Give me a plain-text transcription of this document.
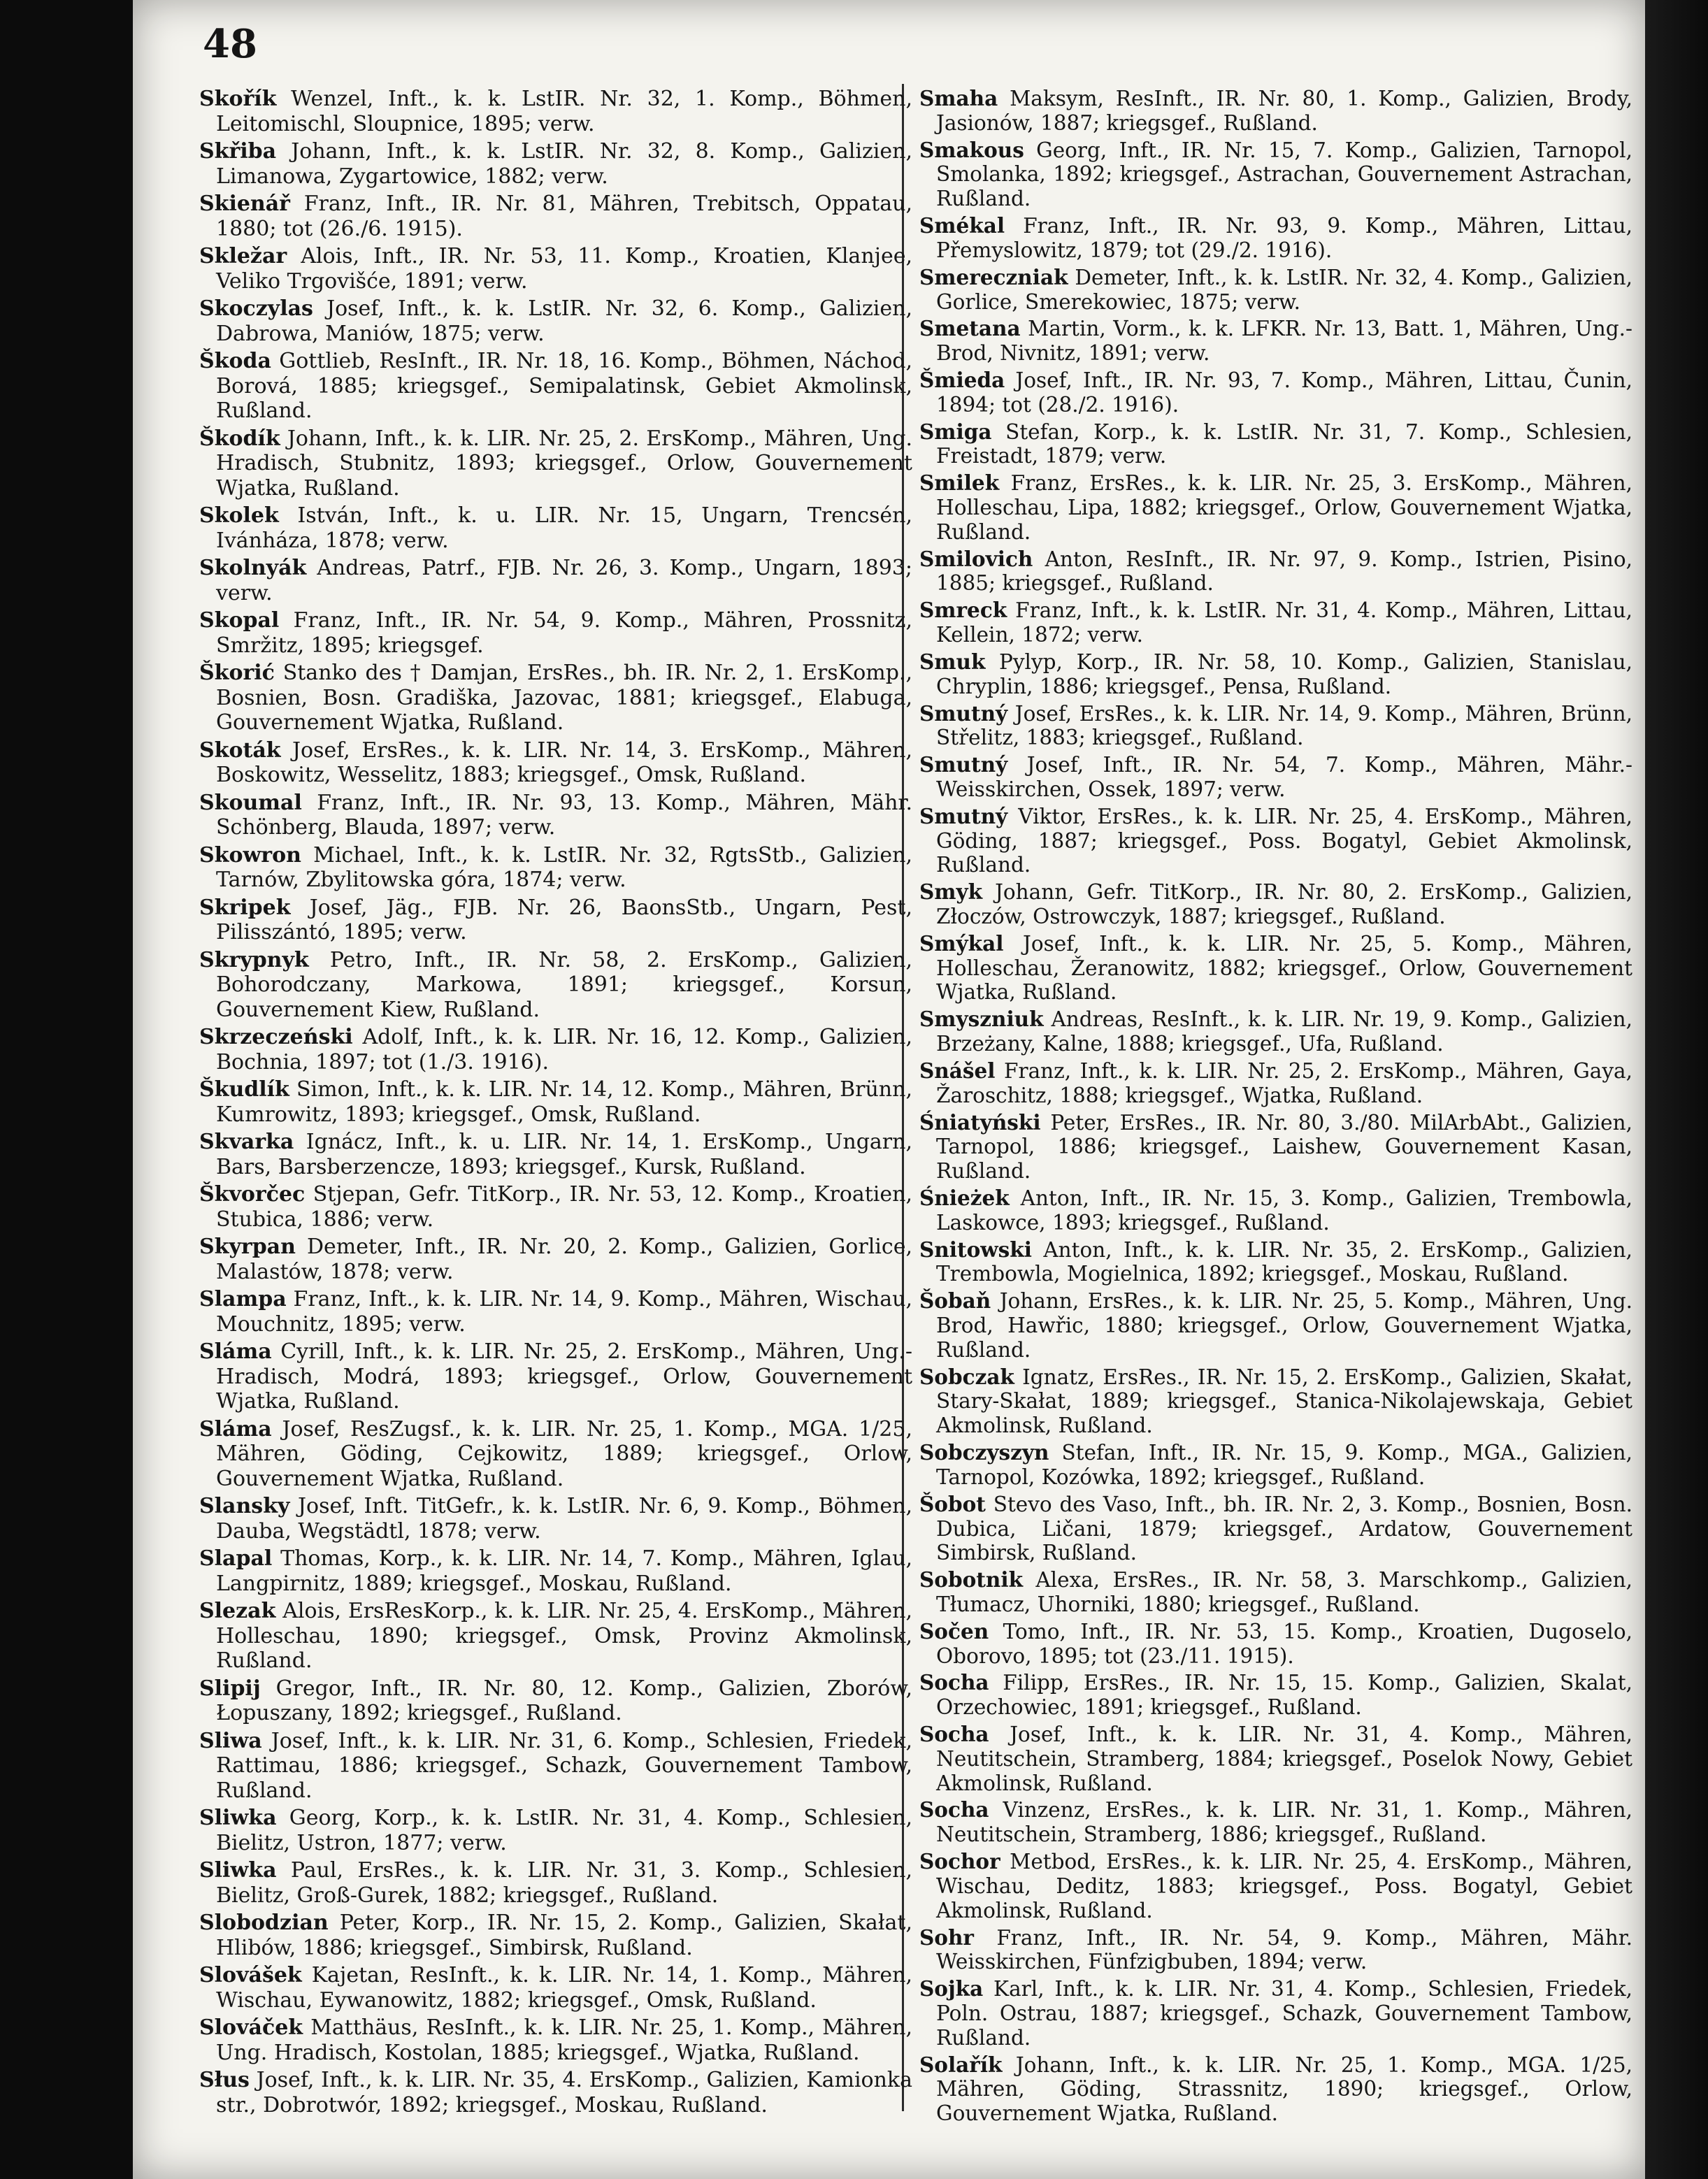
48

Skořík Wenzel, Inft., k. k. LstIR. Nr. 32, 1. Komp., Böhmen, Leitomischl, Sloupnice, 1895; verw.

Skřiba Johann, Inft., k. k. LstIR. Nr. 32, 8. Komp., Galizien, Limanowa, Zygartowice, 1882; verw.

Skienář Franz, Inft., IR. Nr. 81, Mähren, Trebitsch, Oppatau, 1880; tot (26./6. 1915).

Skležar Alois, Inft., IR. Nr. 53, 11. Komp., Kroatien, Klanjee, Veliko Trgovišće, 1891; verw.

Skoczylas Josef, Inft., k. k. LstIR. Nr. 32, 6. Komp., Galizien, Dabrowa, Maniów, 1875; verw.

Škoda Gottlieb, ResInft., IR. Nr. 18, 16. Komp., Böhmen, Náchod, Borová, 1885; kriegsgef., Semipalatinsk, Gebiet Akmolinsk, Rußland.

Škodík Johann, Inft., k. k. LIR. Nr. 25, 2. ErsKomp., Mähren, Ung. Hradisch, Stubnitz, 1893; kriegsgef., Orlow, Gouvernement Wjatka, Rußland.

Skolek István, Inft., k. u. LIR. Nr. 15, Ungarn, Trencsén, Ivánháza, 1878; verw.

Skolnyák Andreas, Patrf., FJB. Nr. 26, 3. Komp., Ungarn, 1893; verw.

Skopal Franz, Inft., IR. Nr. 54, 9. Komp., Mähren, Prossnitz, Smržitz, 1895; kriegsgef.

Škorić Stanko des † Damjan, ErsRes., bh. IR. Nr. 2, 1. ErsKomp., Bosnien, Bosn. Gradiška, Jazovac, 1881; kriegsgef., Elabuga, Gouvernement Wjatka, Rußland.

Skoták Josef, ErsRes., k. k. LIR. Nr. 14, 3. ErsKomp., Mähren, Boskowitz, Wesselitz, 1883; kriegsgef., Omsk, Rußland.

Skoumal Franz, Inft., IR. Nr. 93, 13. Komp., Mähren, Mähr. Schönberg, Blauda, 1897; verw.

Skowron Michael, Inft., k. k. LstIR. Nr. 32, RgtsStb., Galizien, Tarnów, Zbylitowska góra, 1874; verw.

Skripek Josef, Jäg., FJB. Nr. 26, BaonsStb., Ungarn, Pest, Pilisszántó, 1895; verw.

Skrypnyk Petro, Inft., IR. Nr. 58, 2. ErsKomp., Galizien, Bohorodczany, Markowa, 1891; kriegsgef., Korsun, Gouvernement Kiew, Rußland.

Skrzeczeński Adolf, Inft., k. k. LIR. Nr. 16, 12. Komp., Galizien, Bochnia, 1897; tot (1./3. 1916).

Škudlík Simon, Inft., k. k. LIR. Nr. 14, 12. Komp., Mähren, Brünn, Kumrowitz, 1893; kriegsgef., Omsk, Rußland.

Skvarka Ignácz, Inft., k. u. LIR. Nr. 14, 1. ErsKomp., Ungarn, Bars, Barsberzencze, 1893; kriegsgef., Kursk, Rußland.

Škvorčec Stjepan, Gefr. TitKorp., IR. Nr. 53, 12. Komp., Kroatien, Stubica, 1886; verw.

Skyrpan Demeter, Inft., IR. Nr. 20, 2. Komp., Galizien, Gorlice, Malastów, 1878; verw.

Slampa Franz, Inft., k. k. LIR. Nr. 14, 9. Komp., Mähren, Wischau, Mouchnitz, 1895; verw.

Sláma Cyrill, Inft., k. k. LIR. Nr. 25, 2. ErsKomp., Mähren, Ung.-Hradisch, Modrá, 1893; kriegsgef., Orlow, Gouvernement Wjatka, Rußland.

Sláma Josef, ResZugsf., k. k. LIR. Nr. 25, 1. Komp., MGA. 1/25, Mähren, Göding, Cejkowitz, 1889; kriegsgef., Orlow, Gouvernement Wjatka, Rußland.

Slansky Josef, Inft. TitGefr., k. k. LstIR. Nr. 6, 9. Komp., Böhmen, Dauba, Wegstädtl, 1878; verw.

Slapal Thomas, Korp., k. k. LIR. Nr. 14, 7. Komp., Mähren, Iglau, Langpirnitz, 1889; kriegsgef., Moskau, Rußland.

Slezak Alois, ErsResKorp., k. k. LIR. Nr. 25, 4. ErsKomp., Mähren, Holleschau, 1890; kriegsgef., Omsk, Provinz Akmolinsk, Rußland.

Slipij Gregor, Inft., IR. Nr. 80, 12. Komp., Galizien, Zborów, Łopuszany, 1892; kriegsgef., Rußland.

Sliwa Josef, Inft., k. k. LIR. Nr. 31, 6. Komp., Schlesien, Friedek, Rattimau, 1886; kriegsgef., Schazk, Gouvernement Tambow, Rußland.

Sliwka Georg, Korp., k. k. LstIR. Nr. 31, 4. Komp., Schlesien, Bielitz, Ustron, 1877; verw.

Sliwka Paul, ErsRes., k. k. LIR. Nr. 31, 3. Komp., Schlesien, Bielitz, Groß-Gurek, 1882; kriegsgef., Rußland.

Slobodzian Peter, Korp., IR. Nr. 15, 2. Komp., Galizien, Skałat, Hlibów, 1886; kriegsgef., Simbirsk, Rußland.

Slovášek Kajetan, ResInft., k. k. LIR. Nr. 14, 1. Komp., Mähren, Wischau, Eywanowitz, 1882; kriegsgef., Omsk, Rußland.

Slováček Matthäus, ResInft., k. k. LIR. Nr. 25, 1. Komp., Mähren, Ung. Hradisch, Kostolan, 1885; kriegsgef., Wjatka, Rußland.

Słus Josef, Inft., k. k. LIR. Nr. 35, 4. ErsKomp., Galizien, Kamionka str., Dobrotwór, 1892; kriegsgef., Moskau, Rußland.

Smaha Maksym, ResInft., IR. Nr. 80, 1. Komp., Galizien, Brody, Jasionów, 1887; kriegsgef., Rußland.

Smakous Georg, Inft., IR. Nr. 15, 7. Komp., Galizien, Tarnopol, Smolanka, 1892; kriegsgef., Astrachan, Gouvernement Astrachan, Rußland.

Smékal Franz, Inft., IR. Nr. 93, 9. Komp., Mähren, Littau, Přemyslowitz, 1879; tot (29./2. 1916).

Smereczniak Demeter, Inft., k. k. LstIR. Nr. 32, 4. Komp., Galizien, Gorlice, Smerekowiec, 1875; verw.

Smetana Martin, Vorm., k. k. LFKR. Nr. 13, Batt. 1, Mähren, Ung.-Brod, Nivnitz, 1891; verw.

Šmieda Josef, Inft., IR. Nr. 93, 7. Komp., Mähren, Littau, Čunin, 1894; tot (28./2. 1916).

Smiga Stefan, Korp., k. k. LstIR. Nr. 31, 7. Komp., Schlesien, Freistadt, 1879; verw.

Smilek Franz, ErsRes., k. k. LIR. Nr. 25, 3. ErsKomp., Mähren, Holleschau, Lipa, 1882; kriegsgef., Orlow, Gouvernement Wjatka, Rußland.

Smilovich Anton, ResInft., IR. Nr. 97, 9. Komp., Istrien, Pisino, 1885; kriegsgef., Rußland.

Smreck Franz, Inft., k. k. LstIR. Nr. 31, 4. Komp., Mähren, Littau, Kellein, 1872; verw.

Smuk Pylyp, Korp., IR. Nr. 58, 10. Komp., Galizien, Stanislau, Chryplin, 1886; kriegsgef., Pensa, Rußland.

Smutný Josef, ErsRes., k. k. LIR. Nr. 14, 9. Komp., Mähren, Brünn, Střelitz, 1883; kriegsgef., Rußland.

Smutný Josef, Inft., IR. Nr. 54, 7. Komp., Mähren, Mähr.-Weisskirchen, Ossek, 1897; verw.

Smutný Viktor, ErsRes., k. k. LIR. Nr. 25, 4. ErsKomp., Mähren, Göding, 1887; kriegsgef., Poss. Bogatyl, Gebiet Akmolinsk, Rußland.

Smyk Johann, Gefr. TitKorp., IR. Nr. 80, 2. ErsKomp., Galizien, Złoczów, Ostrowczyk, 1887; kriegsgef., Rußland.

Smýkal Josef, Inft., k. k. LIR. Nr. 25, 5. Komp., Mähren, Holleschau, Žeranowitz, 1882; kriegsgef., Orlow, Gouvernement Wjatka, Rußland.

Smyszniuk Andreas, ResInft., k. k. LIR. Nr. 19, 9. Komp., Galizien, Brzeżany, Kalne, 1888; kriegsgef., Ufa, Rußland.

Snášel Franz, Inft., k. k. LIR. Nr. 25, 2. ErsKomp., Mähren, Gaya, Žaroschitz, 1888; kriegsgef., Wjatka, Rußland.

Śniatyński Peter, ErsRes., IR. Nr. 80, 3./80. MilArbAbt., Galizien, Tarnopol, 1886; kriegsgef., Laishew, Gouvernement Kasan, Rußland.

Śnieżek Anton, Inft., IR. Nr. 15, 3. Komp., Galizien, Trembowla, Laskowce, 1893; kriegsgef., Rußland.

Snitowski Anton, Inft., k. k. LIR. Nr. 35, 2. ErsKomp., Galizien, Trembowla, Mogielnica, 1892; kriegsgef., Moskau, Rußland.

Šobaň Johann, ErsRes., k. k. LIR. Nr. 25, 5. Komp., Mähren, Ung. Brod, Hawřic, 1880; kriegsgef., Orlow, Gouvernement Wjatka, Rußland.

Sobczak Ignatz, ErsRes., IR. Nr. 15, 2. ErsKomp., Galizien, Skałat, Stary-Skałat, 1889; kriegsgef., Stanica-Nikolajewskaja, Gebiet Akmolinsk, Rußland.

Sobczyszyn Stefan, Inft., IR. Nr. 15, 9. Komp., MGA., Galizien, Tarnopol, Kozówka, 1892; kriegsgef., Rußland.

Šobot Stevo des Vaso, Inft., bh. IR. Nr. 2, 3. Komp., Bosnien, Bosn. Dubica, Ličani, 1879; kriegsgef., Ardatow, Gouvernement Simbirsk, Rußland.

Sobotnik Alexa, ErsRes., IR. Nr. 58, 3. Marschkomp., Galizien, Tłumacz, Uhorniki, 1880; kriegsgef., Rußland.

Sočen Tomo, Inft., IR. Nr. 53, 15. Komp., Kroatien, Dugoselo, Oborovo, 1895; tot (23./11. 1915).

Socha Filipp, ErsRes., IR. Nr. 15, 15. Komp., Galizien, Skalat, Orzechowiec, 1891; kriegsgef., Rußland.

Socha Josef, Inft., k. k. LIR. Nr. 31, 4. Komp., Mähren, Neutitschein, Stramberg, 1884; kriegsgef., Poselok Nowy, Gebiet Akmolinsk, Rußland.

Socha Vinzenz, ErsRes., k. k. LIR. Nr. 31, 1. Komp., Mähren, Neutitschein, Stramberg, 1886; kriegsgef., Rußland.

Sochor Metbod, ErsRes., k. k. LIR. Nr. 25, 4. ErsKomp., Mähren, Wischau, Deditz, 1883; kriegsgef., Poss. Bogatyl, Gebiet Akmolinsk, Rußland.

Sohr Franz, Inft., IR. Nr. 54, 9. Komp., Mähren, Mähr. Weisskirchen, Fünfzigbuben, 1894; verw.

Sojka Karl, Inft., k. k. LIR. Nr. 31, 4. Komp., Schlesien, Friedek, Poln. Ostrau, 1887; kriegsgef., Schazk, Gouvernement Tambow, Rußland.

Solařík Johann, Inft., k. k. LIR. Nr. 25, 1. Komp., MGA. 1/25, Mähren, Göding, Strassnitz, 1890; kriegsgef., Orlow, Gouvernement Wjatka, Rußland.
